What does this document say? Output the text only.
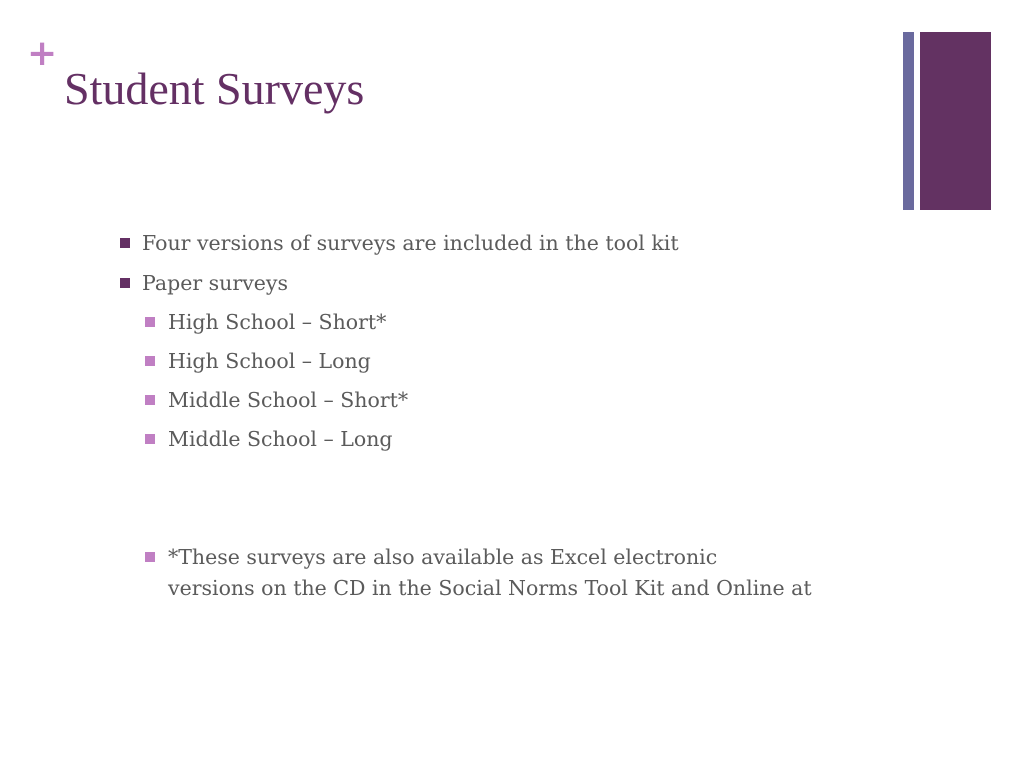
+
Student Surveys
Four versions of surveys are included in the tool kit
Paper surveys
High School – Short*
High School – Long
Middle School – Short*
Middle School – Long
*These surveys are also available as Excel electronic
versions on the CD in the Social Norms Tool Kit and Online at
